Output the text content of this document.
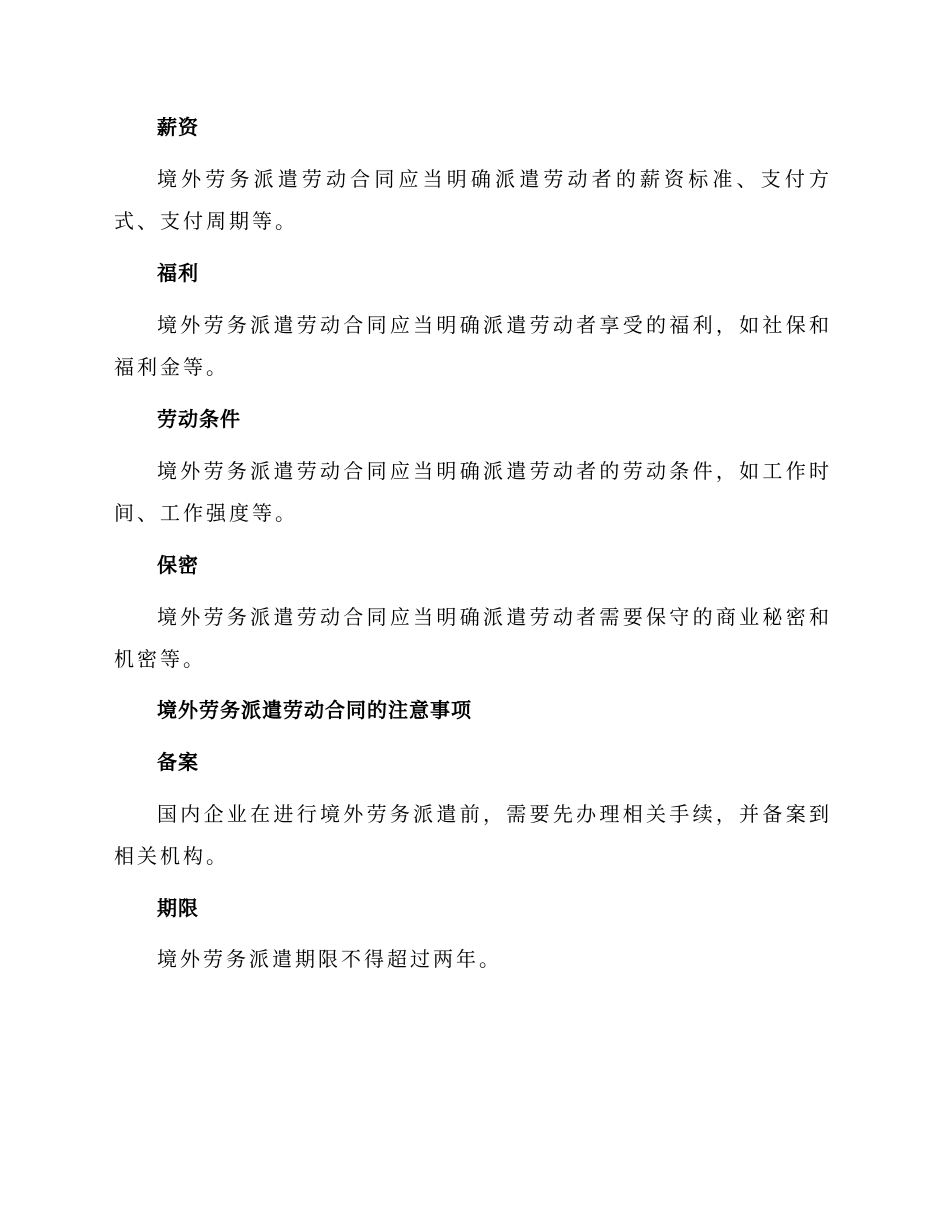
薪资

境外劳务派遣劳动合同应当明确派遣劳动者的薪资标准、支付方式、支付周期等。

福利

境外劳务派遣劳动合同应当明确派遣劳动者享受的福利，如社保和福利金等。

劳动条件

境外劳务派遣劳动合同应当明确派遣劳动者的劳动条件，如工作时间、工作强度等。

保密

境外劳务派遣劳动合同应当明确派遣劳动者需要保守的商业秘密和机密等。

境外劳务派遣劳动合同的注意事项
备案

国内企业在进行境外劳务派遣前，需要先办理相关手续，并备案到相关机构。

期限

境外劳务派遣期限不得超过两年。
